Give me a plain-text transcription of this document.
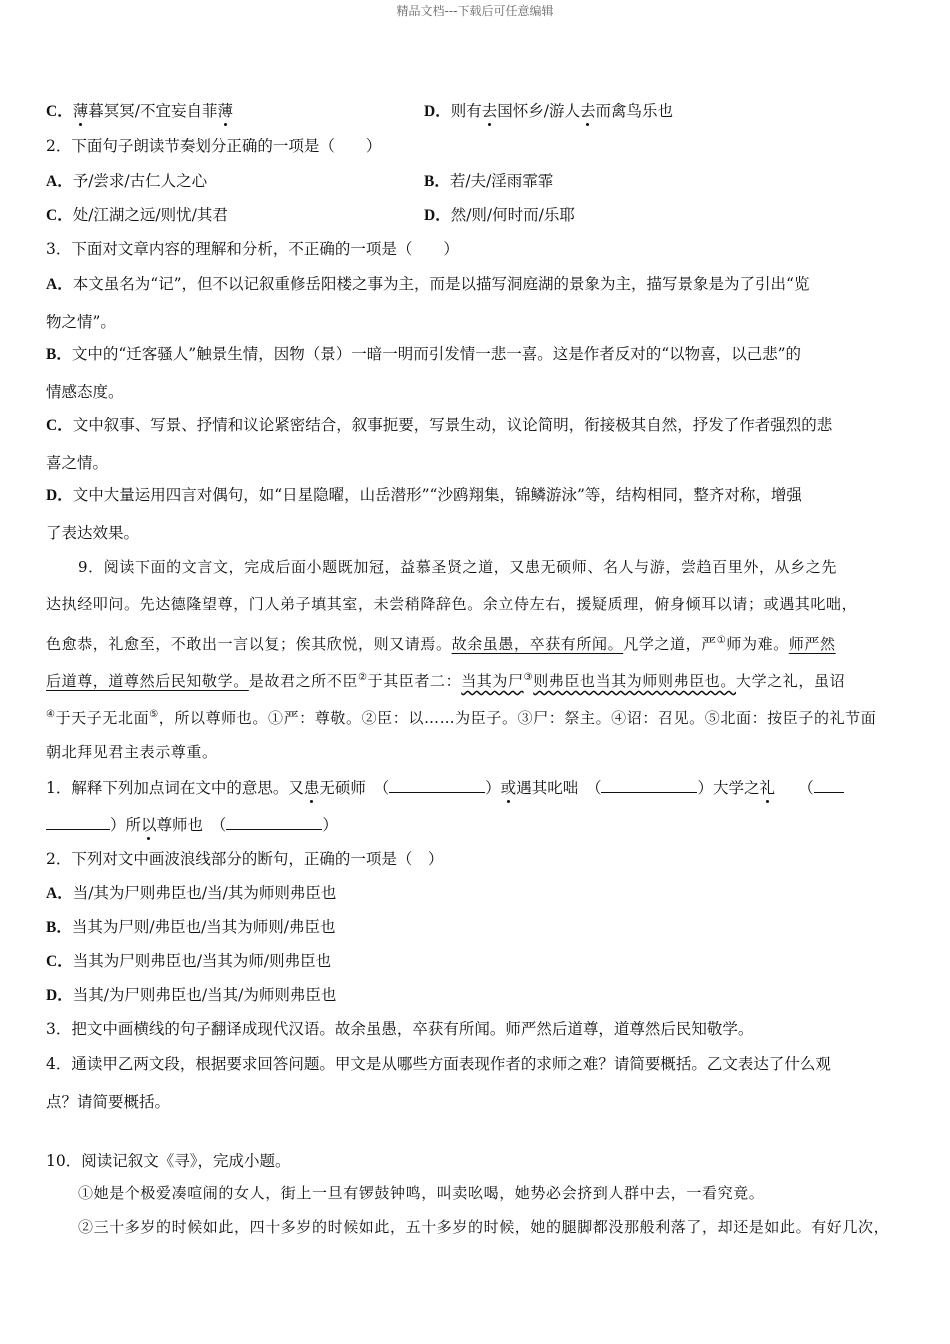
精品文档---下载后可任意编辑
C．薄暮冥冥/不宜妄自菲薄	D．则有去国怀乡/游人去而禽鸟乐也
2．下面句子朗读节奏划分正确的一项是（　　）
A．予/尝求/古仁人之心	B．若/夫/淫雨霏霏
C．处/江湖之远/则忧/其君	D．然/则/何时而/乐耶
3．下面对文章内容的理解和分析，不正确的一项是（　　）
A．本文虽名为“记”，但不以记叙重修岳阳楼之事为主，而是以描写洞庭湖的景象为主，描写景象是为了引出“览
物之情”。
B．文中的“迁客骚人”触景生情，因物（景）一暗一明而引发情一悲一喜。这是作者反对的“以物喜，以己悲”的
情感态度。
C．文中叙事、写景、抒情和议论紧密结合，叙事扼要，写景生动，议论简明，衔接极其自然，抒发了作者强烈的悲
喜之情。
D．文中大量运用四言对偶句，如“日星隐曜，山岳潜形”“沙鸥翔集，锦鳞游泳”等，结构相同，整齐对称，增强
了表达效果。
9．阅读下面的文言文，完成后面小题既加冠，益慕圣贤之道，又患无硕师、名人与游，尝趋百里外，从乡之先
达执经叩问。先达德隆望尊，门人弟子填其室，未尝稍降辞色。余立侍左右，援疑质理，俯身倾耳以请；或遇其叱咄，
色愈恭，礼愈至，不敢出一言以复；俟其欣悦，则又请焉。故余虽愚，卒获有所闻。凡学之道，严①师为难。师严然
后道尊，道尊然后民知敬学。是故君之所不臣②于其臣者二：当其为尸③则弗臣也当其为师则弗臣也。大学之礼，虽诏
④于天子无北面⑤，所以尊师也。①严：尊敬。②臣：以……为臣子。③尸：祭主。④诏：召见。⑤北面：按臣子的礼节面
朝北拜见君主表示尊重。
1．解释下列加点词在文中的意思。又患无硕师　（	）或遇其叱咄　（	）大学之礼　　（
）所以尊师也　（	）
2．下列对文中画波浪线部分的断句，正确的一项是（　）
A．当/其为尸则弗臣也/当/其为师则弗臣也
B．当其为尸则/弗臣也/当其为师则/弗臣也
C．当其为尸则弗臣也/当其为师/则弗臣也
D．当其/为尸则弗臣也/当其/为师则弗臣也
3．把文中画横线的句子翻译成现代汉语。故余虽愚，卒获有所闻。师严然后道尊，道尊然后民知敬学。
4．通读甲乙两文段，根据要求回答问题。甲文是从哪些方面表现作者的求师之难？请简要概括。乙文表达了什么观
点？请简要概括。
10．阅读记叙文《寻》，完成小题。
①她是个极爱凑喧闹的女人，街上一旦有锣鼓钟鸣，叫卖吆喝，她势必会挤到人群中去，一看究竟。
②三十多岁的时候如此，四十多岁的时候如此，五十多岁的时候，她的腿脚都没那般利落了，却还是如此。有好几次，
